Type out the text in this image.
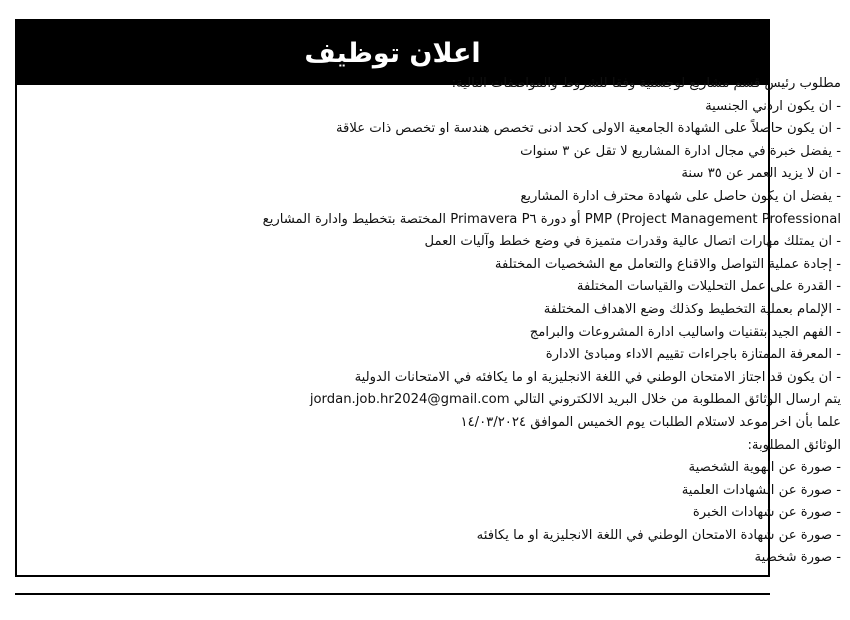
اعلان توظيف
مطلوب رئيس قسم مشاريع لوجستية وفقا للشروط والمواصفات التالية:
- ان يكون اردني الجنسية
- ان يكون حاصلاً على الشهادة الجامعية الاولى كحد ادنى تخصص هندسة او تخصص ذات علاقة
- يفضل خبرة في مجال ادارة المشاريع لا تقل عن ٣ سنوات
- ان لا يزيد العمر عن ٣٥ سنة
- يفضل ان يكون حاصل على شهادة محترف ادارة المشاريع
PMP (Project Management Professional أو دورة Primavera P٦ المختصة بتخطيط وادارة المشاريع
- ان يمتلك مهارات اتصال عالية وقدرات متميزة في وضع خطط وآليات العمل
- إجادة عملية التواصل والاقناع والتعامل مع الشخصيات المختلفة
- القدرة على عمل التحليلات والقياسات المختلفة
- الإلمام بعملية التخطيط وكذلك وضع الاهداف المختلفة
- الفهم الجيد بتقنيات واساليب ادارة المشروعات والبرامج
- المعرفة الممتازة باجراءات تقييم الاداء ومبادئ الادارة
- ان يكون قد اجتاز الامتحان الوطني في اللغة الانجليزية او ما يكافئه في الامتحانات الدولية
يتم ارسال الوثائق المطلوبة من خلال البريد الالكتروني التالي jordan.job.hr2024@gmail.com
علما بأن اخر موعد لاستلام الطلبات يوم الخميس الموافق ١٤/٠٣/٢٠٢٤
الوثائق المطلوبة:
- صورة عن الهوية الشخصية
- صورة عن الشهادات العلمية
- صورة عن شهادات الخبرة
- صورة عن شهادة الامتحان الوطني في اللغة الانجليزية او ما يكافئه
- صورة شخصية
